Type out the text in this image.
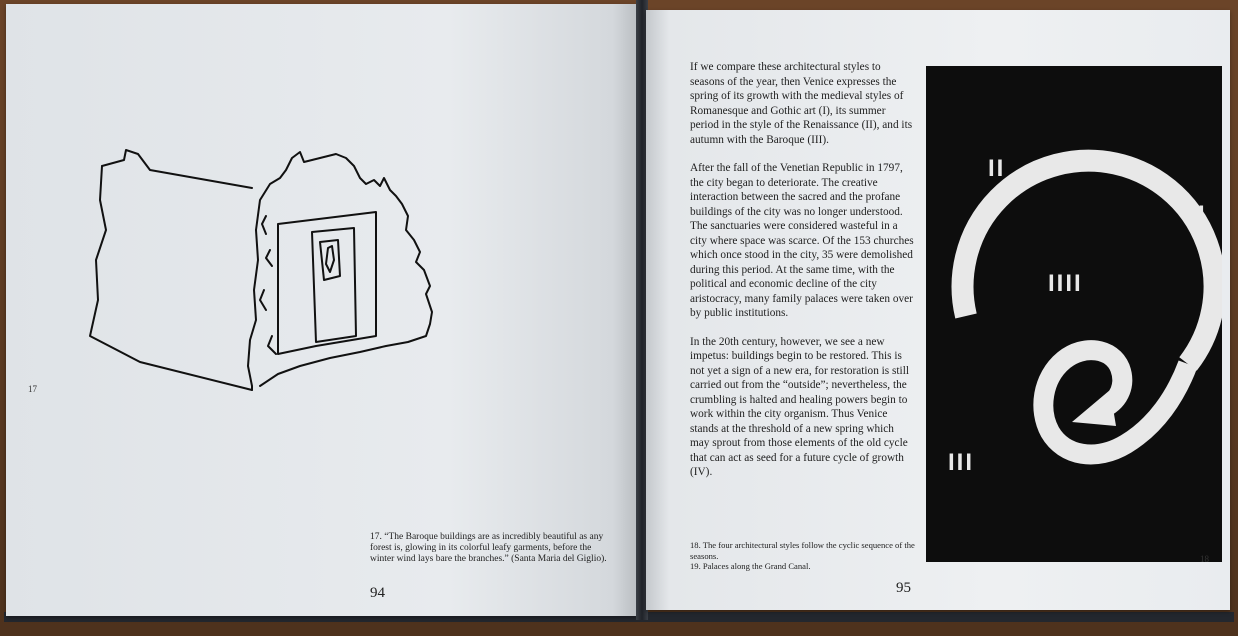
17
17. “The Baroque buildings are as incredibly beautiful as any forest is, glowing in its colorful leafy garments, before the winter wind lays bare the branches.” (Santa Maria del Giglio).
94

If we compare these architectural styles to seasons of the year, then Venice expresses the spring of its growth with the medieval styles of Romanesque and Gothic art (I), its summer period in the style of the Renaissance (II), and its autumn with the Baroque (III).

After the fall of the Venetian Republic in 1797, the city began to deteriorate. The creative interaction between the sacred and the profane buildings of the city was no longer understood. The sanctuaries were considered wasteful in a city where space was scarce. Of the 153 churches which once stood in the city, 35 were demolished during this period. At the same time, with the political and economic decline of the city aristocracy, many family palaces were taken over by public institutions.

In the 20th century, however, we see a new impetus: buildings begin to be restored. This is not yet a sign of a new era, for restoration is still carried out from the “outside”; nevertheless, the crumbling is halted and healing powers begin to work within the city organism. Thus Venice stands at the threshold of a new spring which may sprout from those elements of the old cycle that can act as seed for a future cycle of growth (IV).

II
I
IIII
III
18. The four architectural styles follow the cyclic sequence of the seasons.
19. Palaces along the Grand Canal.
18
95
